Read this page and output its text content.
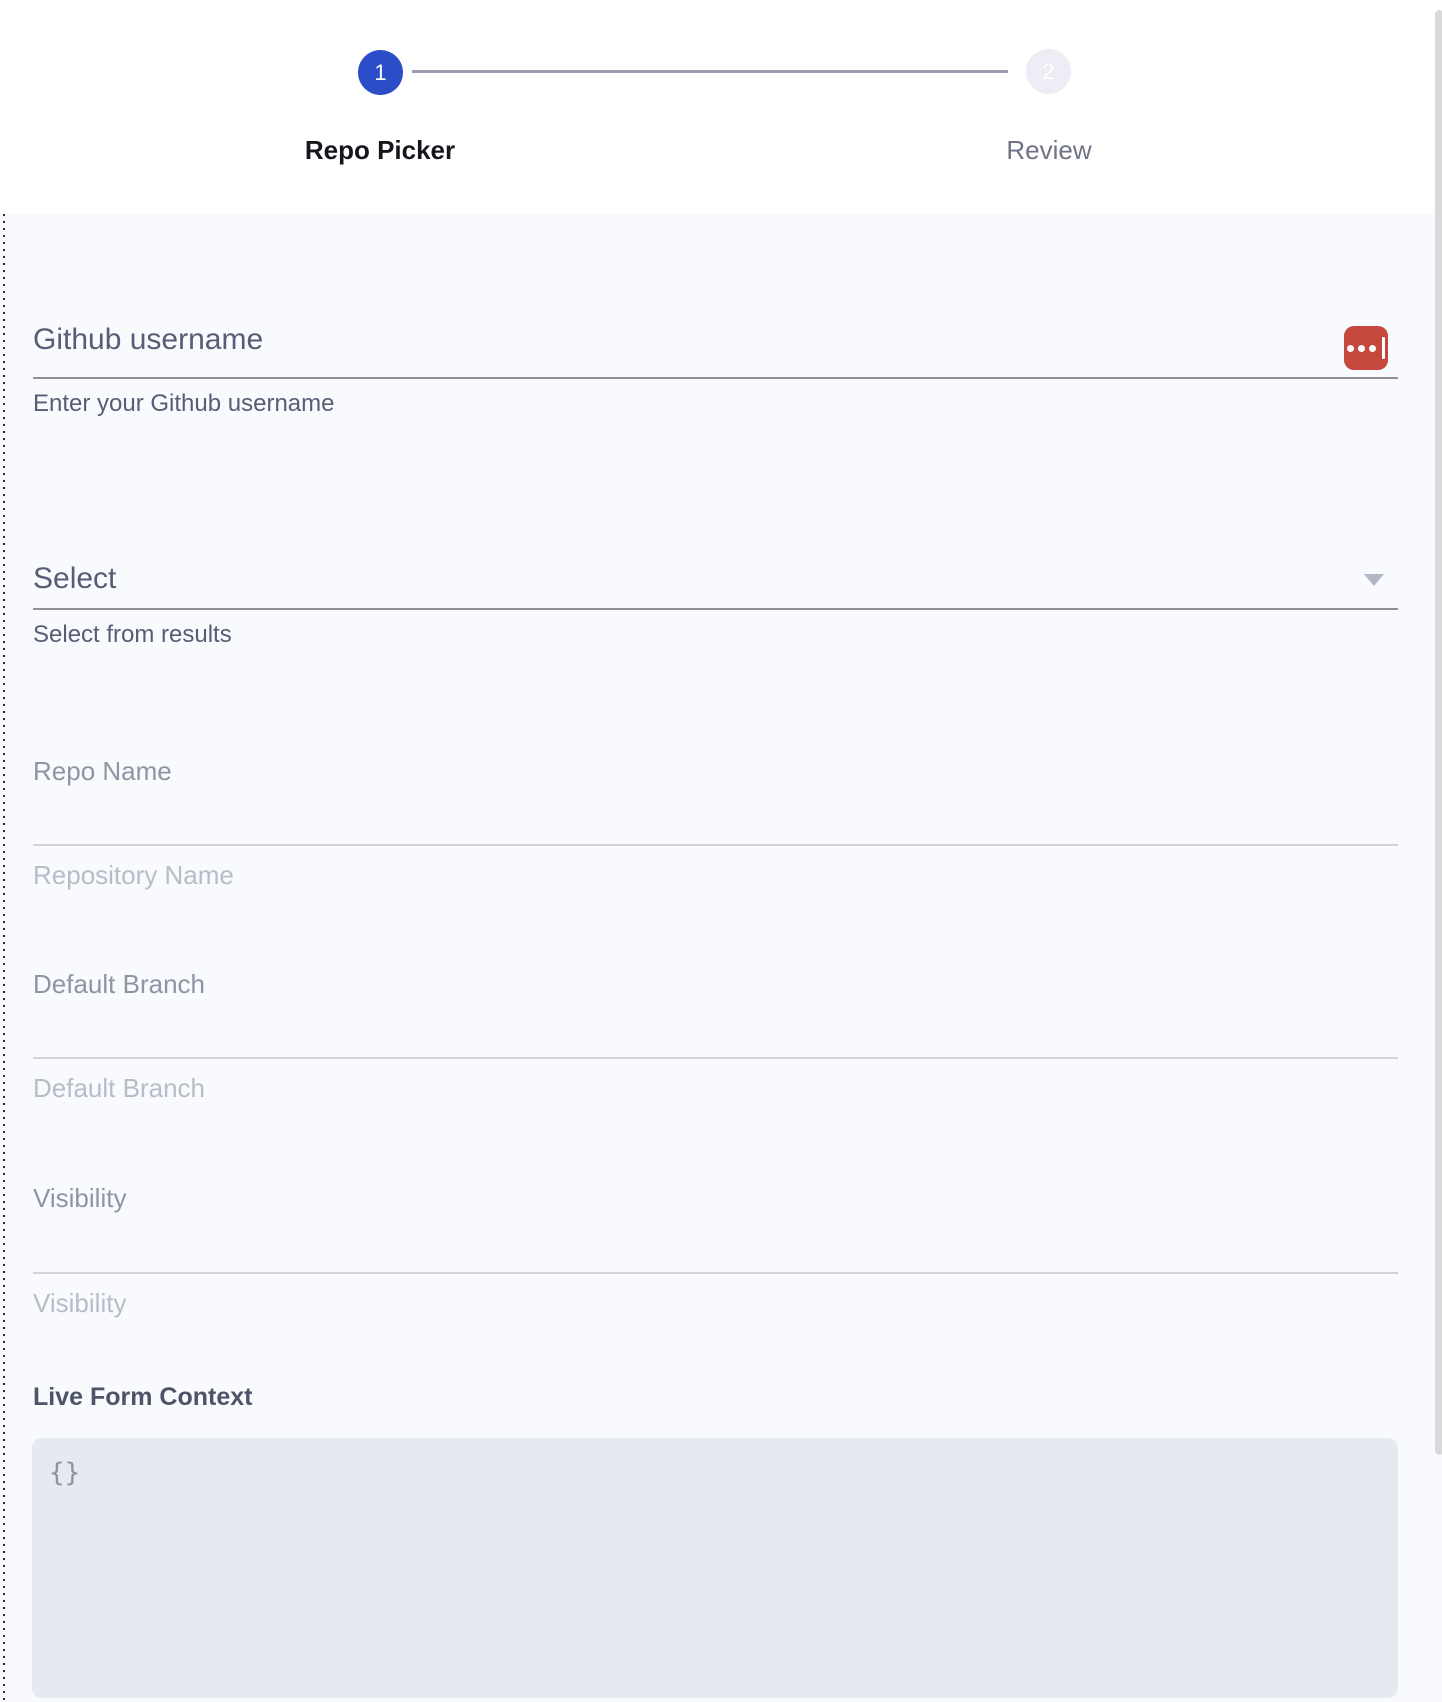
1	2
Repo Picker	Review
Github username
Enter your Github username
Select
Select from results
Repo Name
Repository Name
Default Branch
Default Branch
Visibility
Visibility
Live Form Context
{}
